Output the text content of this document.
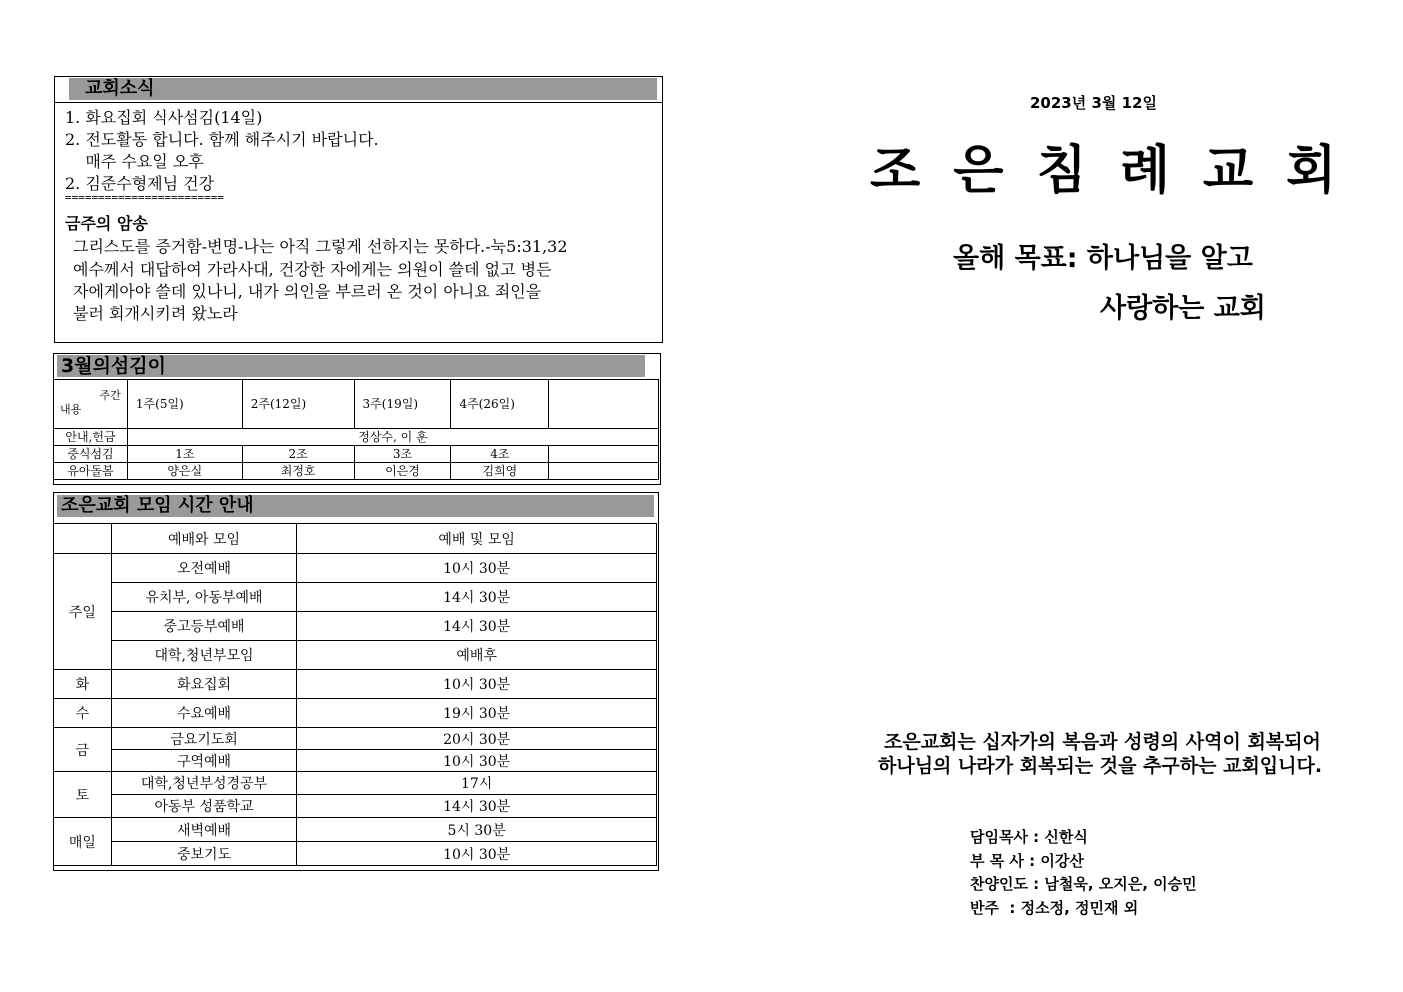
교회소식
1. 화요집회 식사섬김(14일)
2. 전도활동 합니다. 함께 해주시기 바랍니다.
매주 수요일 오후
2. 김준수형제님 건강
========================
금주의 암송
그리스도를 증거함-변명-나는 아직 그렇게 선하지는 못하다.-눅5:31,32
예수께서 대답하여 가라사대, 건강한 자에게는 의원이 쓸데 없고 병든
자에게아야 쓸데 있나니, 내가 의인을 부르러 온 것이 아니요 죄인을
불러 회개시키려 왔노라
3월의섬김이
주간
내용	1주(5일)	2주(12일)	3주(19일)	4주(26일)	
안내,헌금	정상수, 이 훈				
중식섬김	1조	2조	3조	4조	
유아돌봄	양은실	최정호	이은경	김희영	
조은교회 모임 시간 안내
	예배와 모임	예배 및 모임
주일	오전예배	10시 30분
	유치부, 아동부예배	14시 30분
	중고등부예배	14시 30분
	대학,청년부모임	예배후
화	화요집회	10시 30분
수	수요예배	19시 30분
금	금요기도회	20시 30분
	구역예배	10시 30분
토	대학,청년부성경공부	17시
	아동부 성품학교	14시 30분
매일	새벽예배	5시 30분
	중보기도	10시 30분
2023년 3월 12일
조은침례교회
올해 목표: 하나님을 알고
사랑하는 교회
조은교회는 십자가의 복음과 성령의 사역이 회복되어
하나님의 나라가 회복되는 것을 추구하는 교회입니다.
담임목사 : 신한식
부 목 사 : 이강산
찬양인도 : 남철욱, 오지은, 이승민
반주  : 정소정, 정민재 외
